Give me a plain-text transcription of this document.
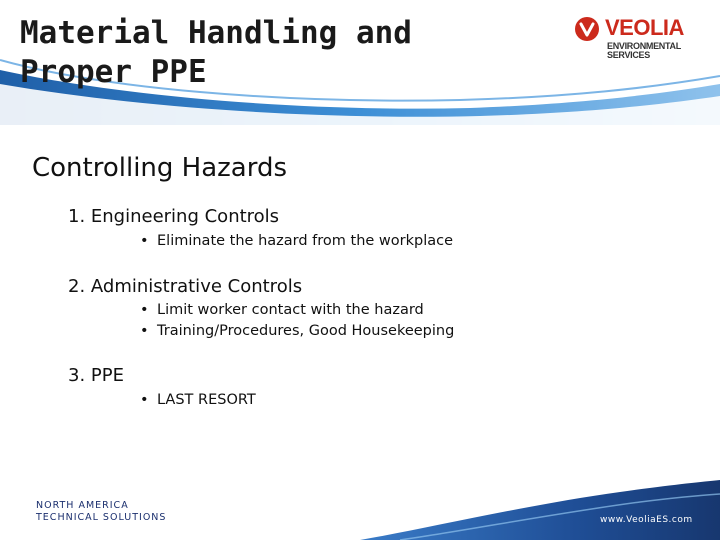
Material Handling and
Proper PPE
VEOLIA
ENVIRONMENTAL
SERVICES
Controlling Hazards

1. Engineering Controls

• Eliminate the hazard from the workplace

2. Administrative Controls

• Limit worker contact with the hazard
• Training/Procedures, Good Housekeeping

3. PPE

• LAST RESORT
NORTH AMERICA
TECHNICAL SOLUTIONS	www.VeoliaES.com
